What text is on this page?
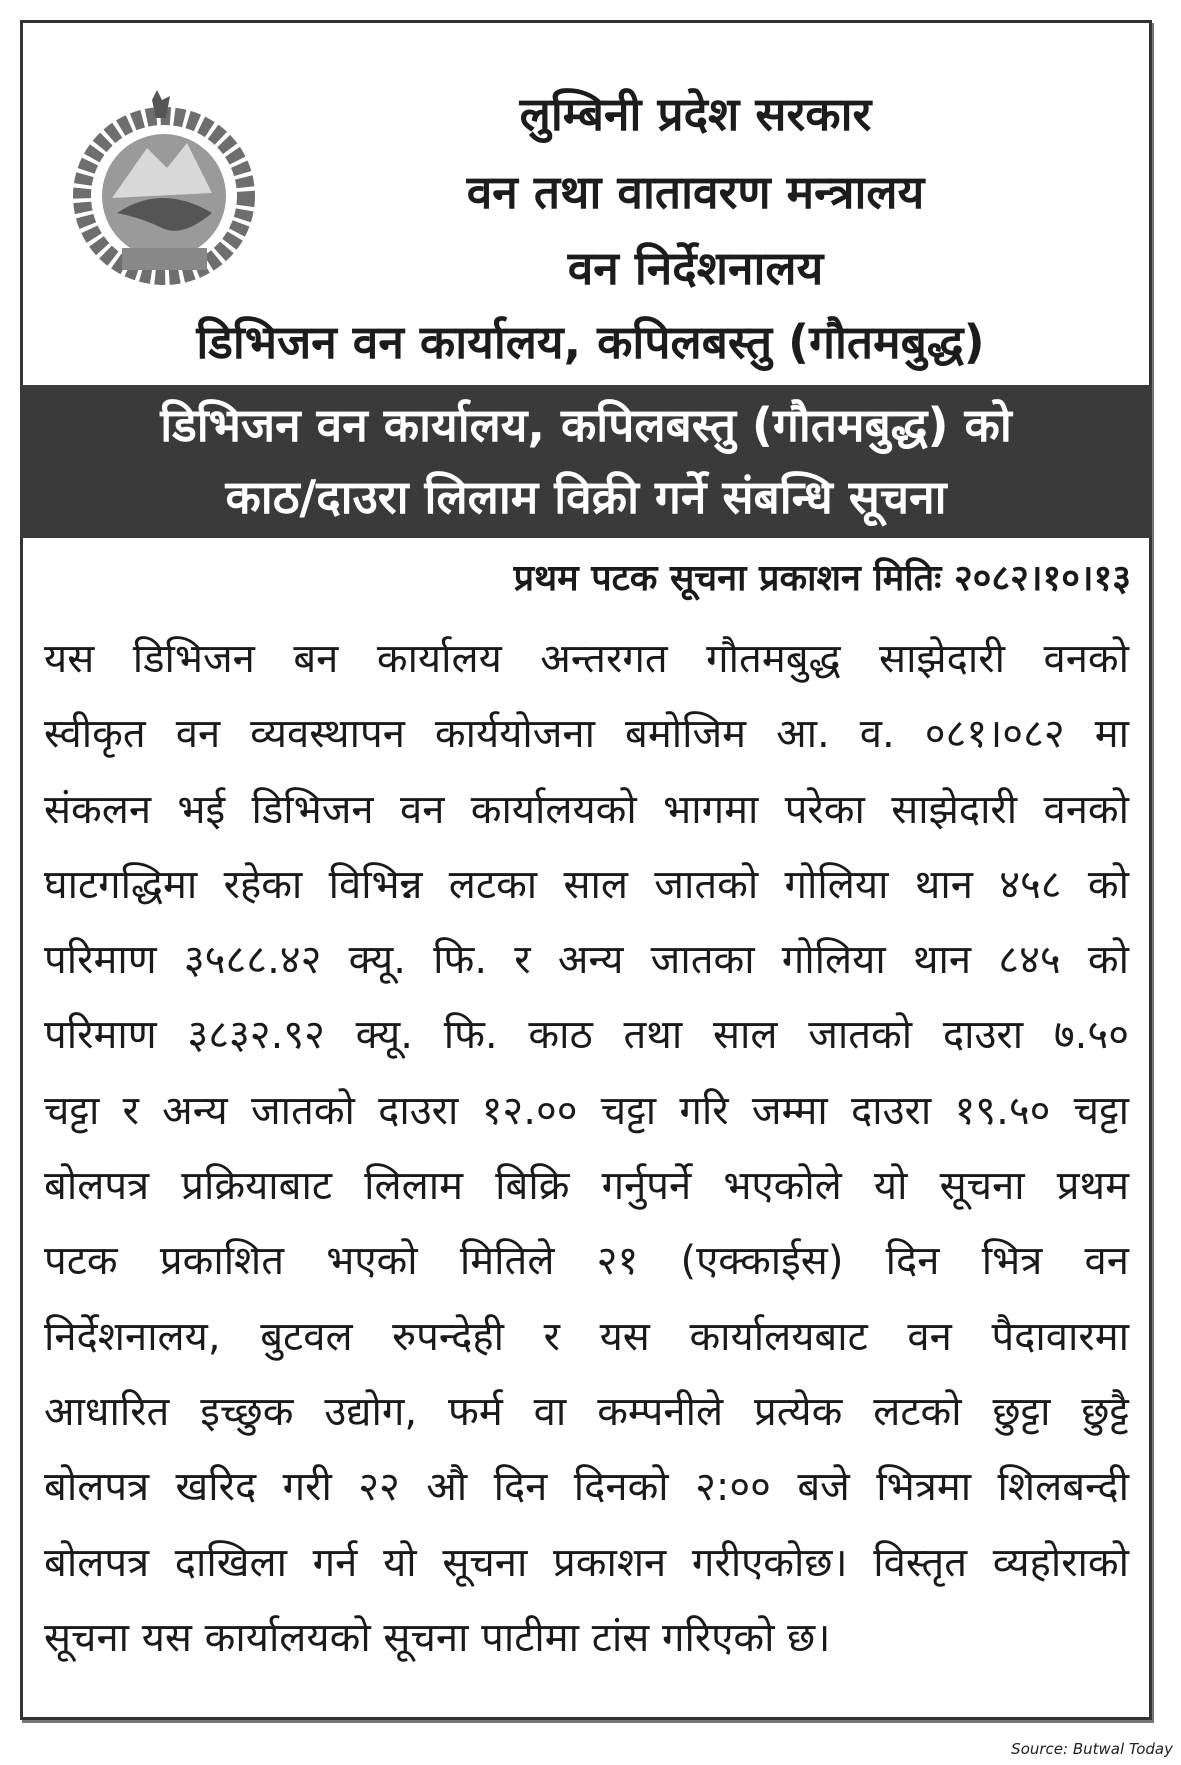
लुम्बिनी प्रदेश सरकार
वन तथा वातावरण मन्त्रालय
वन निर्देशनालय
डिभिजन वन कार्यालय, कपिलबस्तु (गौतमबुद्ध)
डिभिजन वन कार्यालय, कपिलबस्तु (गौतमबुद्ध) को
काठ/दाउरा लिलाम विक्री गर्ने संबन्धि सूचना
प्रथम पटक सूचना प्रकाशन मितिः २०८२।१०।१३
यस डिभिजन बन कार्यालय अन्तरगत गौतमबुद्ध साझेदारी वनको
स्वीकृत वन व्यवस्थापन कार्ययोजना बमोजिम आ. व. ०८१।०८२ मा
संकलन भई डिभिजन वन कार्यालयको भागमा परेका साझेदारी वनको
घाटगद्धिमा रहेका विभिन्न लटका साल जातको गोलिया थान ४५८ को
परिमाण ३५८८.४२ क्यू. फि. र अन्य जातका गोलिया थान ८४५ को
परिमाण ३८३२.९२ क्यू. फि. काठ तथा साल जातको दाउरा ७.५०
चट्टा र अन्य जातको दाउरा १२.०० चट्टा गरि जम्मा दाउरा १९.५० चट्टा
बोलपत्र प्रक्रियाबाट लिलाम बिक्रि गर्नुपर्ने भएकोले यो सूचना प्रथम
पटक प्रकाशित भएको मितिले २१ (एक्काईस) दिन भित्र वन
निर्देशनालय, बुटवल रुपन्देही र यस कार्यालयबाट वन पैदावारमा
आधारित इच्छुक उद्योग, फर्म वा कम्पनीले प्रत्येक लटको छुट्टा छुट्टै
बोलपत्र खरिद गरी २२ औ दिन दिनको २:०० बजे भित्रमा शिलबन्दी
बोलपत्र दाखिला गर्न यो सूचना प्रकाशन गरीएकोछ। विस्तृत व्यहोराको
सूचना यस कार्यालयको सूचना पाटीमा टांस गरिएको छ।
Source: Butwal Today
